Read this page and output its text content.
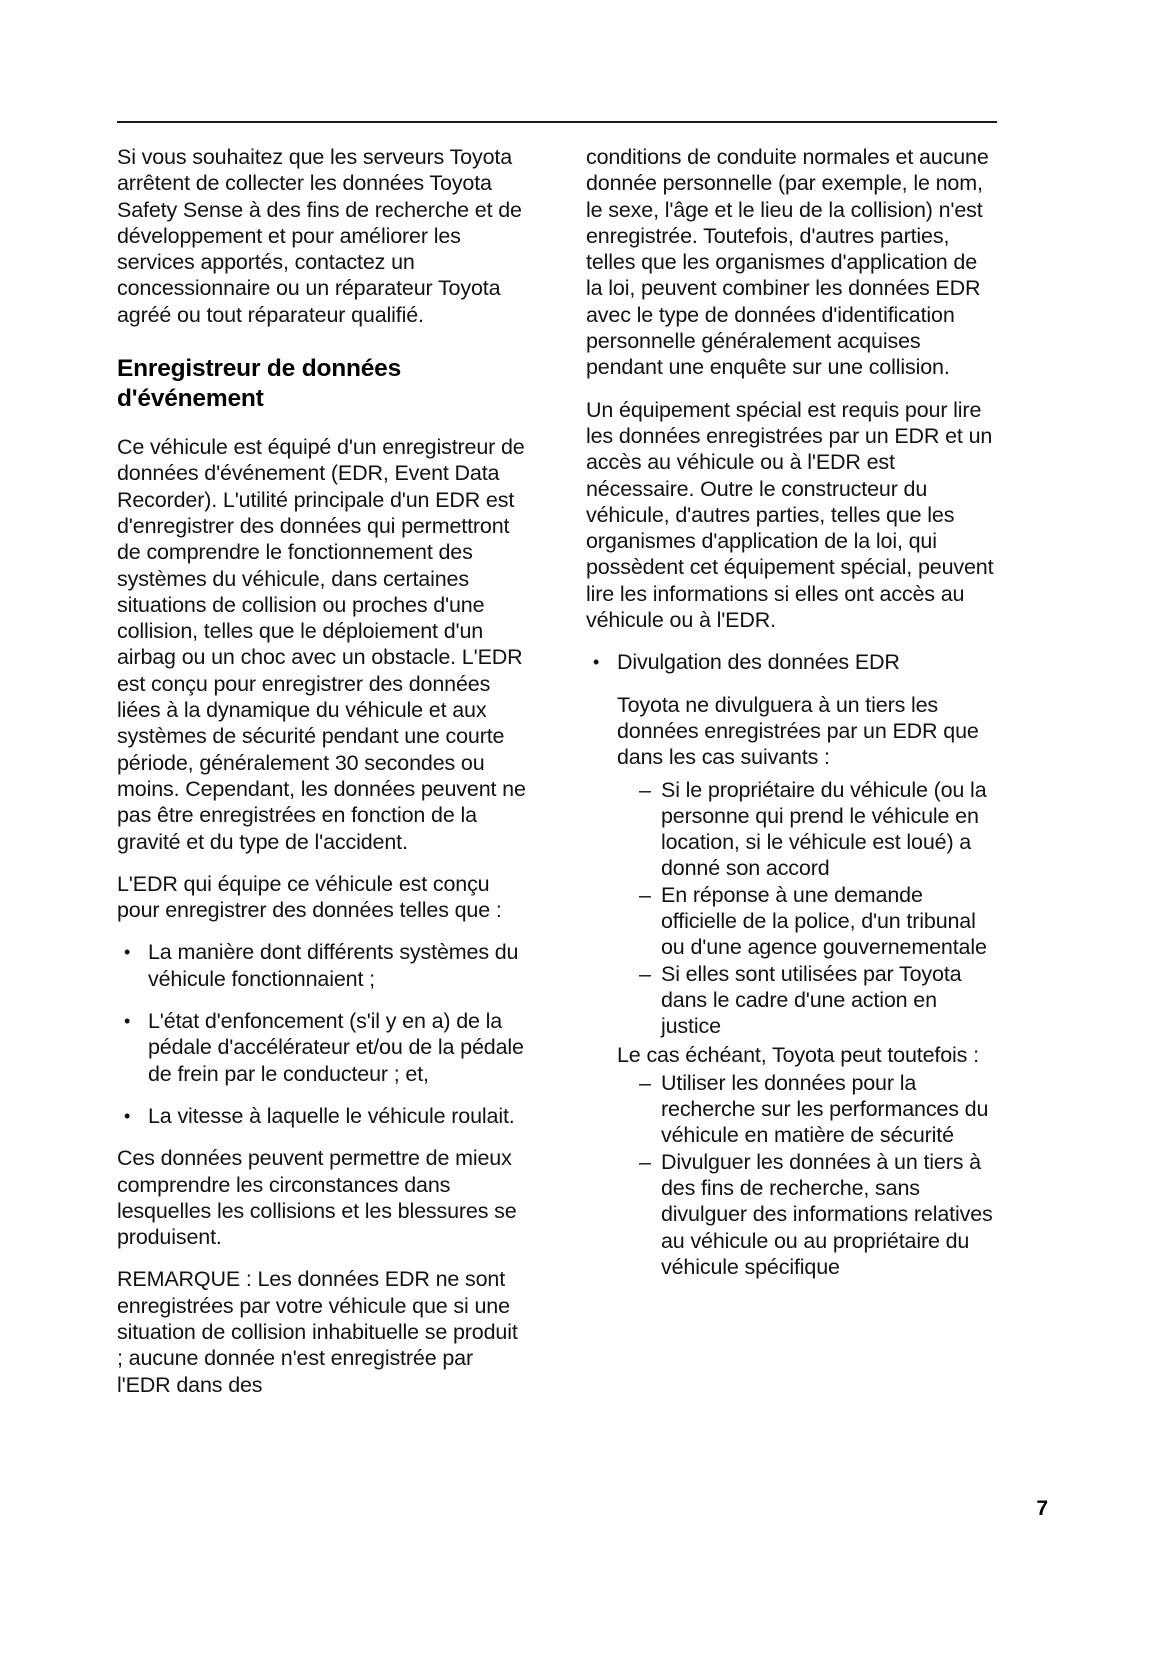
Si vous souhaitez que les serveurs Toyota arrêtent de collecter les données Toyota Safety Sense à des fins de recherche et de développement et pour améliorer les services apportés, contactez un concessionnaire ou un réparateur Toyota agréé ou tout réparateur qualifié.

Enregistreur de données d'événement

Ce véhicule est équipé d'un enregistreur de données d'événement (EDR, Event Data Recorder). L'utilité principale d'un EDR est d'enregistrer des données qui permettront de comprendre le fonctionnement des systèmes du véhicule, dans certaines situations de collision ou proches d'une collision, telles que le déploiement d'un airbag ou un choc avec un obstacle. L'EDR est conçu pour enregistrer des données liées à la dynamique du véhicule et aux systèmes de sécurité pendant une courte période, généralement 30 secondes ou moins. Cependant, les données peuvent ne pas être enregistrées en fonction de la gravité et du type de l'accident.

L'EDR qui équipe ce véhicule est conçu pour enregistrer des données telles que :

• La manière dont différents systèmes du véhicule fonctionnaient ;
• L'état d'enfoncement (s'il y en a) de la pédale d'accélérateur et/ou de la pédale de frein par le conducteur ; et,
• La vitesse à laquelle le véhicule roulait.

Ces données peuvent permettre de mieux comprendre les circonstances dans lesquelles les collisions et les blessures se produisent.

REMARQUE : Les données EDR ne sont enregistrées par votre véhicule que si une situation de collision inhabituelle se produit ; aucune donnée n'est enregistrée par l'EDR dans des

conditions de conduite normales et aucune donnée personnelle (par exemple, le nom, le sexe, l'âge et le lieu de la collision) n'est enregistrée. Toutefois, d'autres parties, telles que les organismes d'application de la loi, peuvent combiner les données EDR avec le type de données d'identification personnelle généralement acquises pendant une enquête sur une collision.

Un équipement spécial est requis pour lire les données enregistrées par un EDR et un accès au véhicule ou à l'EDR est nécessaire. Outre le constructeur du véhicule, d'autres parties, telles que les organismes d'application de la loi, qui possèdent cet équipement spécial, peuvent lire les informations si elles ont accès au véhicule ou à l'EDR.

• Divulgation des données EDR

Toyota ne divulguera à un tiers les données enregistrées par un EDR que dans les cas suivants :

– Si le propriétaire du véhicule (ou la personne qui prend le véhicule en location, si le véhicule est loué) a donné son accord
– En réponse à une demande officielle de la police, d'un tribunal ou d'une agence gouvernementale
– Si elles sont utilisées par Toyota dans le cadre d'une action en justice

Le cas échéant, Toyota peut toutefois :

– Utiliser les données pour la recherche sur les performances du véhicule en matière de sécurité
– Divulguer les données à un tiers à des fins de recherche, sans divulguer des informations relatives au véhicule ou au propriétaire du véhicule spécifique
7
